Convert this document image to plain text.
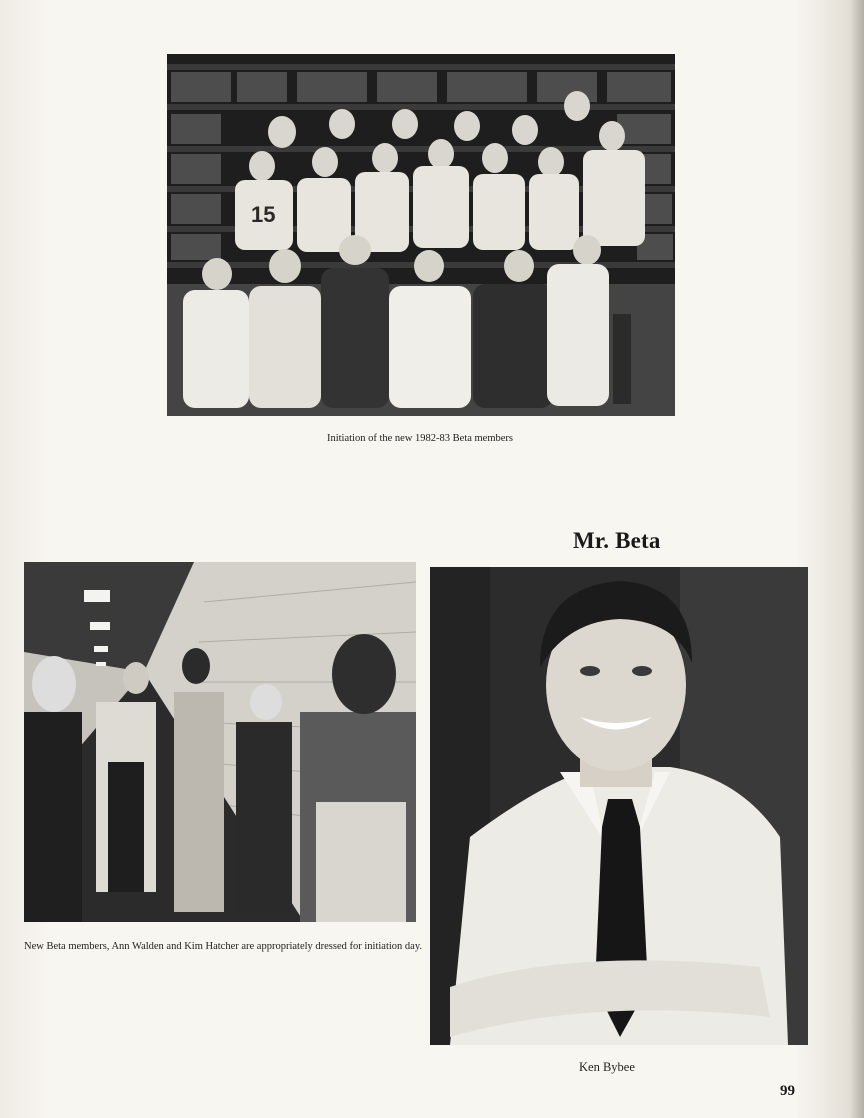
15
Initiation of the new 1982-83 Beta members
Mr. Beta
New Beta members, Ann Walden and Kim Hatcher are appropriately dressed for initiation day.
Ken Bybee
99
